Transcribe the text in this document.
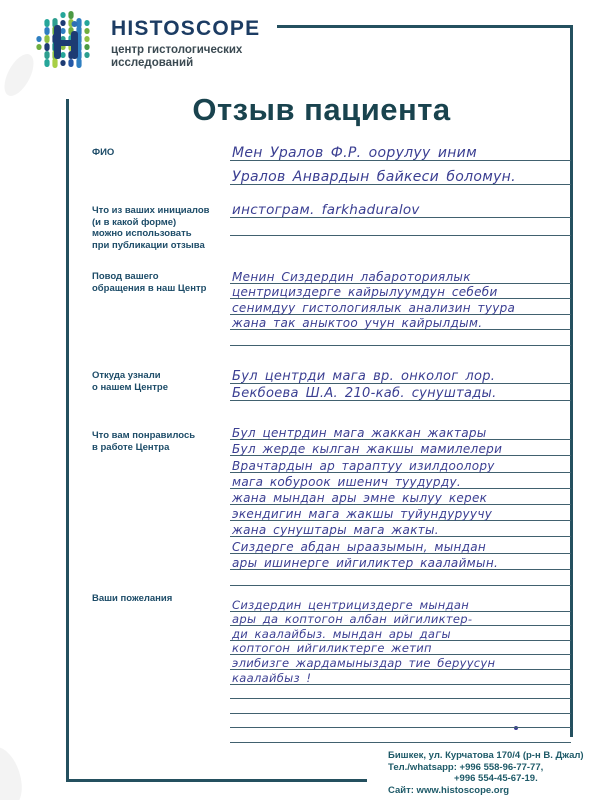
HISTOSCOPE
центр гистологических
исследований
Отзыв пациента
ФИО	Мен Уралов Ф.Р. оорулуу иним
Уралов Анвардын байкеси боломун.
Что из ваших инициалов
(и в какой форме)
можно использовать
при публикации отзыва
инстограм. farkhaduralov
Повод вашего
обращения в наш Центр
Менин Сиздердин лабароториялык
центрициздерге кайрылуумдун себеби
сенимдуу гистологиялык анализин туура
жана так аныктоо учун кайрылдым.
Откуда узнали
о нашем Центре
Бул центрди мага вр. онколог лор.
Бекбоева Ш.А. 210-каб. сунуштады.
Что вам понравилось
в работе Центра
Бул центрдин мага жаккан жактары
Бул жерде кылган жакшы мамилелери
Врачтардын ар тараптуу изилдоолору
мага кобуроок ишенич туудурду.
жана мындан ары эмне кылуу керек
экендигин мага жакшы туйундуруучу
жана сунуштары мага жакты.
Сиздерге абдан ыраазымын, мындан
ары ишинерге ийгиликтер каалаймын.
Ваши пожелания	Сиздердин центрициздерге мындан
ары да коптогон албан ийгиликтер-
ди каалайбыз. мындан ары дагы
коптогон ийгиликтерге жетип
элибизге жардамыныздар тие беруусун
каалайбыз !
Бишкек, ул. Курчатова 170/4 (р-н В. Джал)
Тел./whatsapp: +996 558-96-77-77,
+996 554-45-67-19.
Сайт: www.histoscope.org
